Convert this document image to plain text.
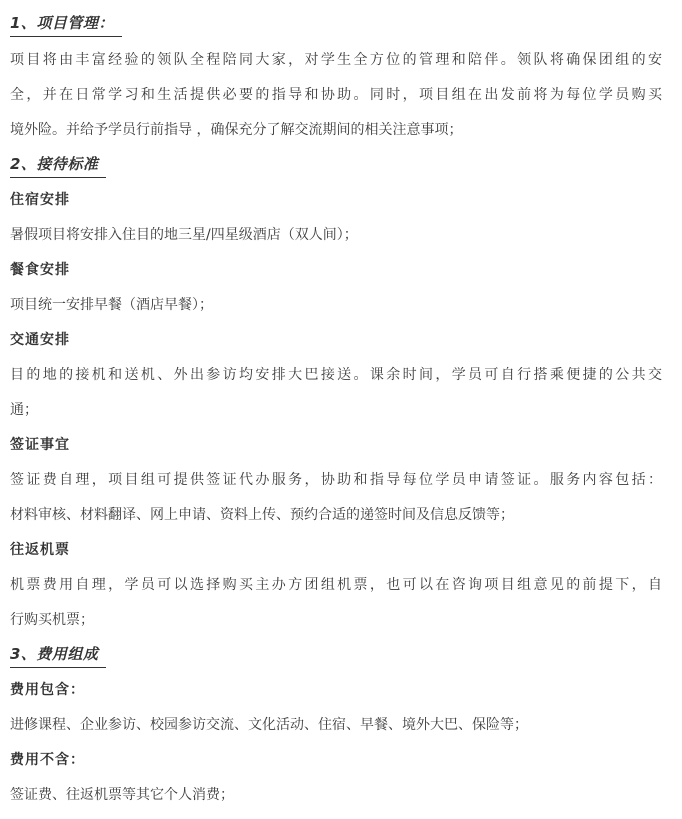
1、项目管理：
项目将由丰富经验的领队全程陪同大家，对学生全方位的管理和陪伴。领队将确保团组的安
全，并在日常学习和生活提供必要的指导和协助。同时，项目组在出发前将为每位学员购买
境外险。并给予学员行前指导 ，确保充分了解交流期间的相关注意事项；
2、接待标准
住宿安排
暑假项目将安排入住目的地三星/四星级酒店（双人间）；
餐食安排
项目统一安排早餐（酒店早餐）；
交通安排
目的地的接机和送机、外出参访均安排大巴接送。课余时间，学员可自行搭乘便捷的公共交
通；
签证事宜
签证费自理，项目组可提供签证代办服务，协助和指导每位学员申请签证。服务内容包括：
材料审核、材料翻译、网上申请、资料上传、预约合适的递签时间及信息反馈等；
往返机票
机票费用自理，学员可以选择购买主办方团组机票，也可以在咨询项目组意见的前提下，自
行购买机票；
3、费用组成
费用包含：
进修课程、企业参访、校园参访交流、文化活动、住宿、早餐、境外大巴、保险等；
费用不含：
签证费、往返机票等其它个人消费；
